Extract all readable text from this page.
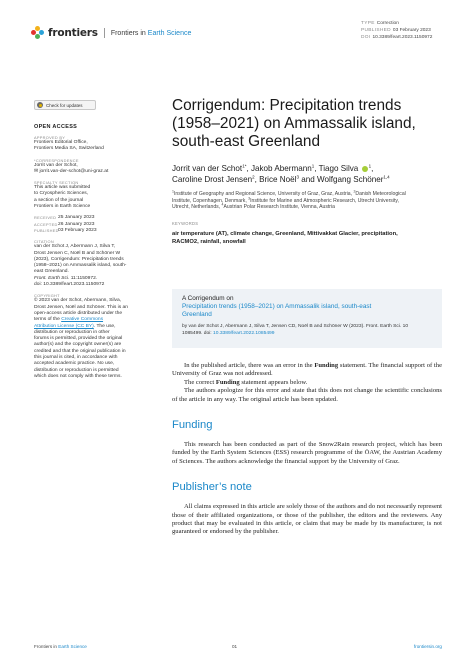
frontiers Frontiers in Earth Science
TYPE Correction
PUBLISHED 03 February 2023
DOI 10.3389/feart.2023.1150972
Check for updates
OPEN ACCESS
APPROVED BY
Frontiers Editorial Office,
Frontiers Media SA, Switzerland
*CORRESPONDENCE
Jorrit van der Schot,
✉ jorrit.van-der-schot@uni-graz.at
SPECIALTY SECTION
This article was submitted
to Cryospheric Sciences,
a section of the journal
Frontiers in Earth Science
RECEIVED 25 January 2023
ACCEPTED 26 January 2023
PUBLISHED 03 February 2023
CITATION
van der Schot J, Abermann J, Silva T,
Drost Jensen C, Noël B and Schöner W
(2023), Corrigendum: Precipitation trends
(1958–2021) on Ammassalik island, south-
east Greenland.
Front. Earth Sci. 11:1150972.
doi: 10.3389/feart.2023.1150972
COPYRIGHT
© 2023 van der Schot, Abermann, Silva,
Drost Jensen, Noël and Schöner. This is an
open-access article distributed under the
terms of the Creative Commons
Attribution License (CC BY). The use,
distribution or reproduction in other
forums is permitted, provided the original
author(s) and the copyright owner(s) are
credited and that the original publication in
this journal is cited, in accordance with
accepted academic practice. No use,
distribution or reproduction is permitted
which does not comply with these terms.
Corrigendum: Precipitation trends
(1958–2021) on Ammassalik island,
south-east Greenland
Jorrit van der Schot$^{1*}$, Jakob Abermann$^1$, Tiago Silva $^1$,
Caroline Drost Jensen$^2$, Brice Noël$^3$ and Wolfgang Schöner$^{1,4}$
$^1$Institute of Geography and Regional Science, University of Graz, Graz, Austria, $^2$Danish Meteorological
Institute, Copenhagen, Denmark, $^3$Institute for Marine and Atmospheric Research, Utrecht University,
Utrecht, Netherlands, $^4$Austrian Polar Research Institute, Vienna, Austria
KEYWORDS
air temperature (AT), climate change, Greenland, Mittivakkat Glacier, precipitation,
RACMO2, rainfall, snowfall
A Corrigendum on
Precipitation trends (1958–2021) on Ammassalik island, south-east
Greenland
by van der Schot J, Abermann J, Silva T, Jensen CD, Noël B and Schöner W (2023). Front. Earth Sci. 10
1085499. doi: 10.3389/feart.2022.1085499

In the published article, there was an error in the Funding statement. The financial support of the University of Graz was not addressed.

The correct Funding statement appears below.

The authors apologize for this error and state that this does not change the scientific conclusions of the article in any way. The original article has been updated.

Funding

This research has been conducted as part of the Snow2Rain research project, which has been funded by the Earth System Sciences (ESS) research programme of the ÖAW, the Austrian Academy of Sciences. The authors acknowledge the financial support by the University of Graz.

Publisher’s note

All claims expressed in this article are solely those of the authors and do not necessarily represent those of their affiliated organizations, or those of the publisher, the editors and the reviewers. Any product that may be evaluated in this article, or claim that may be made by its manufacturer, is not guaranteed or endorsed by the publisher.

Frontiers in Earth Science	01	frontiersin.org
